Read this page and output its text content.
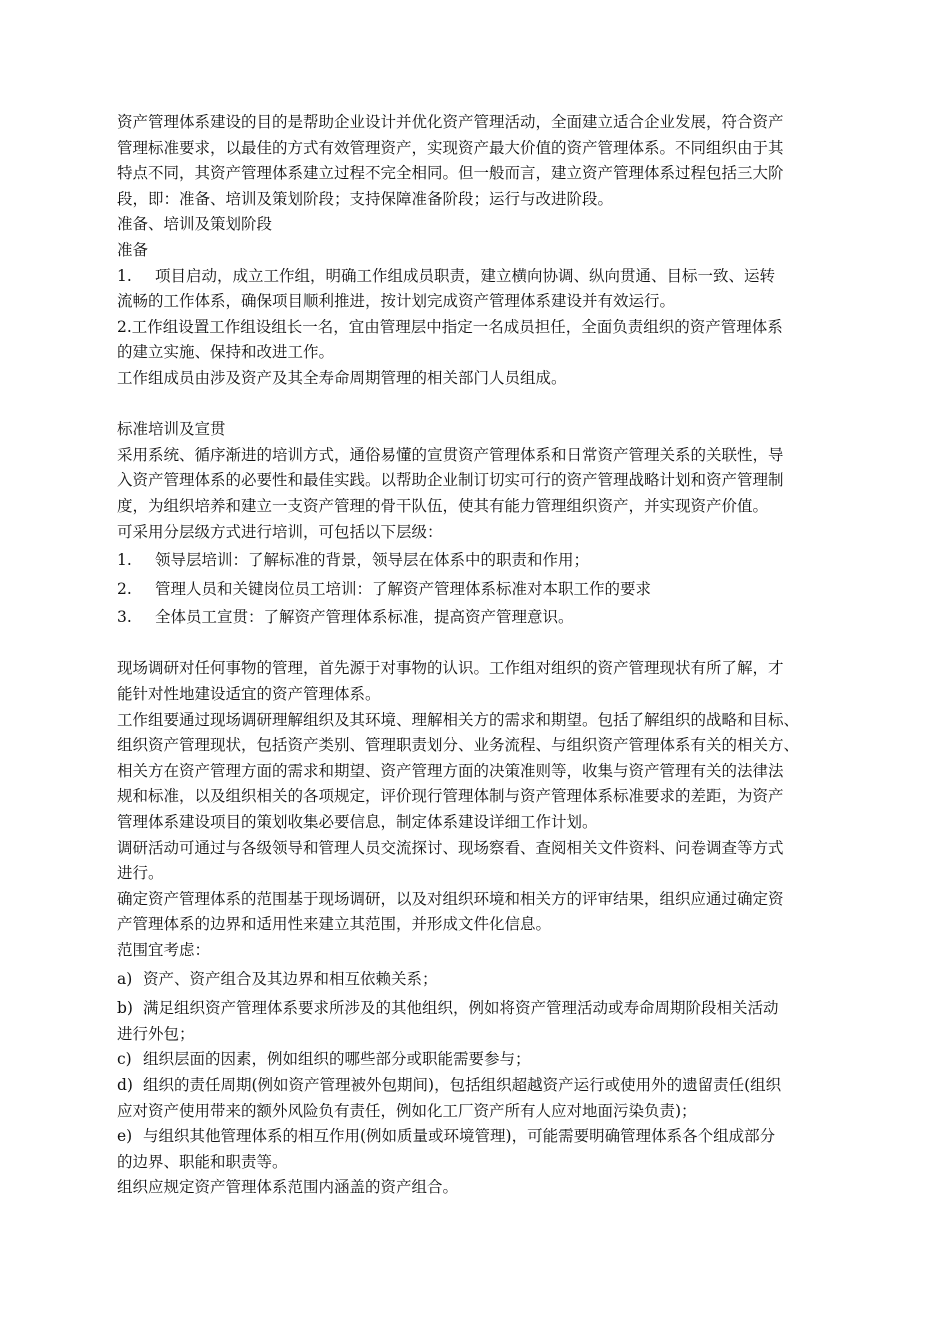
资产管理体系建设的目的是帮助企业设计并优化资产管理活动，全面建立适合企业发展，符合资产

管理标准要求，以最佳的方式有效管理资产，实现资产最大价值的资产管理体系。不同组织由于其

特点不同，其资产管理体系建立过程不完全相同。但一般而言，建立资产管理体系过程包括三大阶

段，即：准备、培训及策划阶段；支持保障准备阶段；运行与改进阶段。

准备、培训及策划阶段

准备

1. 项目启动，成立工作组，明确工作组成员职责，建立横向协调、纵向贯通、目标一致、运转

流畅的工作体系，确保项目顺利推进，按计划完成资产管理体系建设并有效运行。

2.工作组设置工作组设组长一名，宜由管理层中指定一名成员担任，全面负责组织的资产管理体系

的建立实施、保持和改进工作。

工作组成员由涉及资产及其全寿命周期管理的相关部门人员组成。

标准培训及宣贯

采用系统、循序渐进的培训方式，通俗易懂的宣贯资产管理体系和日常资产管理关系的关联性，导

入资产管理体系的必要性和最佳实践。以帮助企业制订切实可行的资产管理战略计划和资产管理制

度，为组织培养和建立一支资产管理的骨干队伍，使其有能力管理组织资产，并实现资产价值。

可采用分层级方式进行培训，可包括以下层级：

1. 领导层培训：了解标准的背景，领导层在体系中的职责和作用；

2. 管理人员和关键岗位员工培训：了解资产管理体系标准对本职工作的要求

3. 全体员工宣贯：了解资产管理体系标准，提高资产管理意识。

现场调研对任何事物的管理，首先源于对事物的认识。工作组对组织的资产管理现状有所了解，才

能针对性地建设适宜的资产管理体系。

工作组要通过现场调研理解组织及其环境、理解相关方的需求和期望。包括了解组织的战略和目标、

组织资产管理现状，包括资产类别、管理职责划分、业务流程、与组织资产管理体系有关的相关方、

相关方在资产管理方面的需求和期望、资产管理方面的决策准则等，收集与资产管理有关的法律法

规和标准，以及组织相关的各项规定，评价现行管理体制与资产管理体系标准要求的差距，为资产

管理体系建设项目的策划收集必要信息，制定体系建设详细工作计划。

调研活动可通过与各级领导和管理人员交流探讨、现场察看、查阅相关文件资料、问卷调查等方式

进行。

确定资产管理体系的范围基于现场调研，以及对组织环境和相关方的评审结果，组织应通过确定资

产管理体系的边界和适用性来建立其范围，并形成文件化信息。

范围宜考虑：

a) 资产、资产组合及其边界和相互依赖关系；

b) 满足组织资产管理体系要求所涉及的其他组织，例如将资产管理活动或寿命周期阶段相关活动

进行外包；

c) 组织层面的因素，例如组织的哪些部分或职能需要参与；

d) 组织的责任周期(例如资产管理被外包期间)，包括组织超越资产运行或使用外的遗留责任(组织

应对资产使用带来的额外风险负有责任，例如化工厂资产所有人应对地面污染负责)；

e) 与组织其他管理体系的相互作用(例如质量或环境管理)，可能需要明确管理体系各个组成部分

的边界、职能和职责等。

组织应规定资产管理体系范围内涵盖的资产组合。
